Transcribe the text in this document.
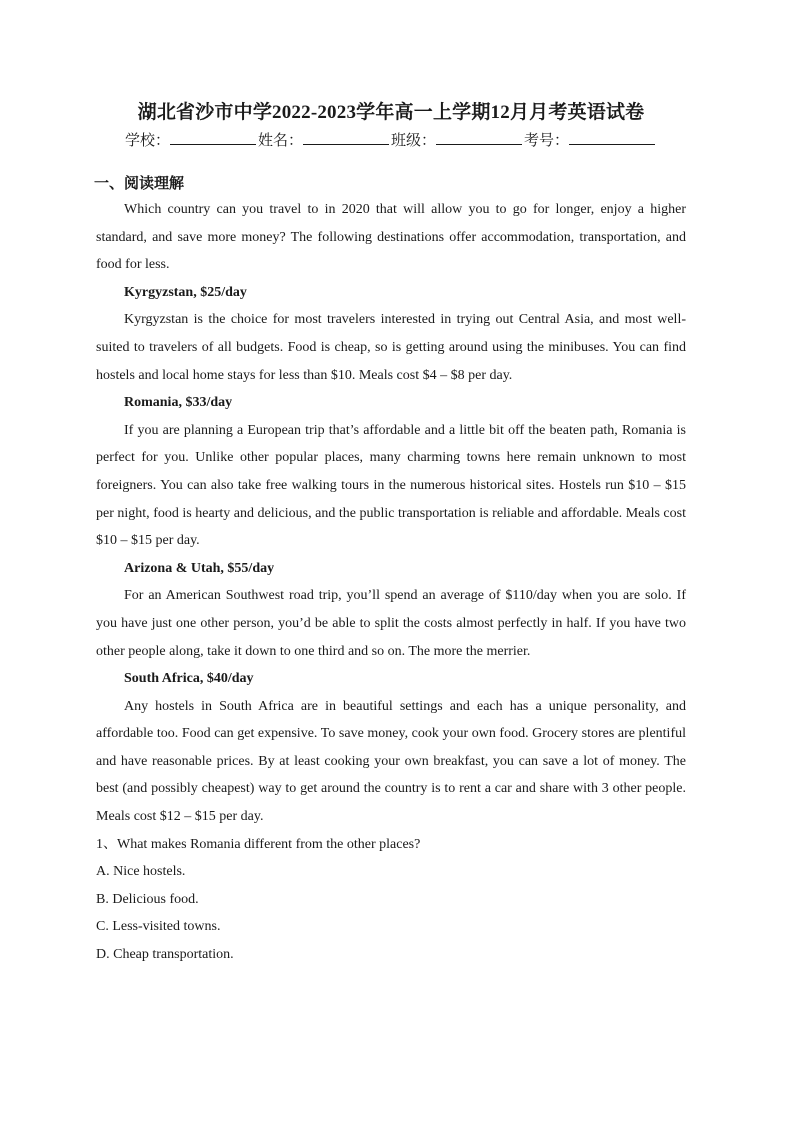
湖北省沙市中学2022-2023学年高一上学期12月月考英语试卷
学校：	姓名：	班级：	考号：
一、阅读理解

Which country can you travel to in 2020 that will allow you to go for longer, enjoy a higher standard, and save more money? The following destinations offer accommodation, transportation, and food for less.

Kyrgyzstan, $25/day

Kyrgyzstan is the choice for most travelers interested in trying out Central Asia, and most well-suited to travelers of all budgets. Food is cheap, so is getting around using the minibuses. You can find hostels and local home stays for less than $10. Meals cost $4 – $8 per day.

Romania, $33/day

If you are planning a European trip that’s affordable and a little bit off the beaten path, Romania is perfect for you. Unlike other popular places, many charming towns here remain unknown to most foreigners. You can also take free walking tours in the numerous historical sites. Hostels run $10 – $15 per night, food is hearty and delicious, and the public transportation is reliable and affordable. Meals cost $10 – $15 per day.

Arizona & Utah, $55/day

For an American Southwest road trip, you’ll spend an average of $110/day when you are solo. If you have just one other person, you’d be able to split the costs almost perfectly in half. If you have two other people along, take it down to one third and so on. The more the merrier.

South Africa, $40/day

Any hostels in South Africa are in beautiful settings and each has a unique personality, and affordable too. Food can get expensive. To save money, cook your own food. Grocery stores are plentiful and have reasonable prices. By at least cooking your own breakfast, you can save a lot of money. The best (and possibly cheapest) way to get around the country is to rent a car and share with 3 other people. Meals cost $12 – $15 per day.

1、What makes Romania different from the other places?

A. Nice hostels.

B. Delicious food.

C. Less-visited towns.

D. Cheap transportation.
